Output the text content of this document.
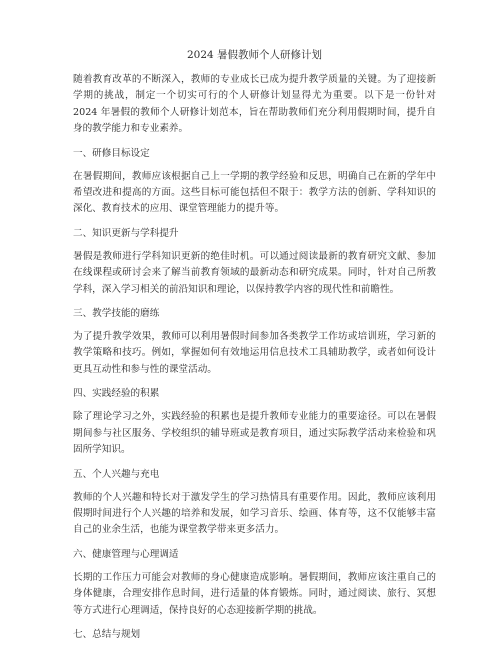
2024 暑假教师个人研修计划

随着教育改革的不断深入，教师的专业成长已成为提升教学质量的关键。为了迎接新学期的挑战，制定一个切实可行的个人研修计划显得尤为重要。以下是一份针对 2024 年暑假的教师个人研修计划范本，旨在帮助教师们充分利用假期时间，提升自身的教学能力和专业素养。

一、研修目标设定

在暑假期间，教师应该根据自己上一学期的教学经验和反思，明确自己在新的学年中希望改进和提高的方面。这些目标可能包括但不限于：教学方法的创新、学科知识的深化、教育技术的应用、课堂管理能力的提升等。

二、知识更新与学科提升

暑假是教师进行学科知识更新的绝佳时机。可以通过阅读最新的教育研究文献、参加在线课程或研讨会来了解当前教育领域的最新动态和研究成果。同时，针对自己所教学科，深入学习相关的前沿知识和理论，以保持教学内容的现代性和前瞻性。

三、教学技能的磨练

为了提升教学效果，教师可以利用暑假时间参加各类教学工作坊或培训班，学习新的教学策略和技巧。例如，掌握如何有效地运用信息技术工具辅助教学，或者如何设计更具互动性和参与性的课堂活动。

四、实践经验的积累

除了理论学习之外，实践经验的积累也是提升教师专业能力的重要途径。可以在暑假期间参与社区服务、学校组织的辅导班或是教育项目，通过实际教学活动来检验和巩固所学知识。

五、个人兴趣与充电

教师的个人兴趣和特长对于激发学生的学习热情具有重要作用。因此，教师应该利用假期时间进行个人兴趣的培养和发展，如学习音乐、绘画、体育等，这不仅能够丰富自己的业余生活，也能为课堂教学带来更多活力。

六、健康管理与心理调适

长期的工作压力可能会对教师的身心健康造成影响。暑假期间，教师应该注重自己的身体健康，合理安排作息时间，进行适量的体育锻炼。同时，通过阅读、旅行、冥想等方式进行心理调适，保持良好的心态迎接新学期的挑战。

七、总结与规划
